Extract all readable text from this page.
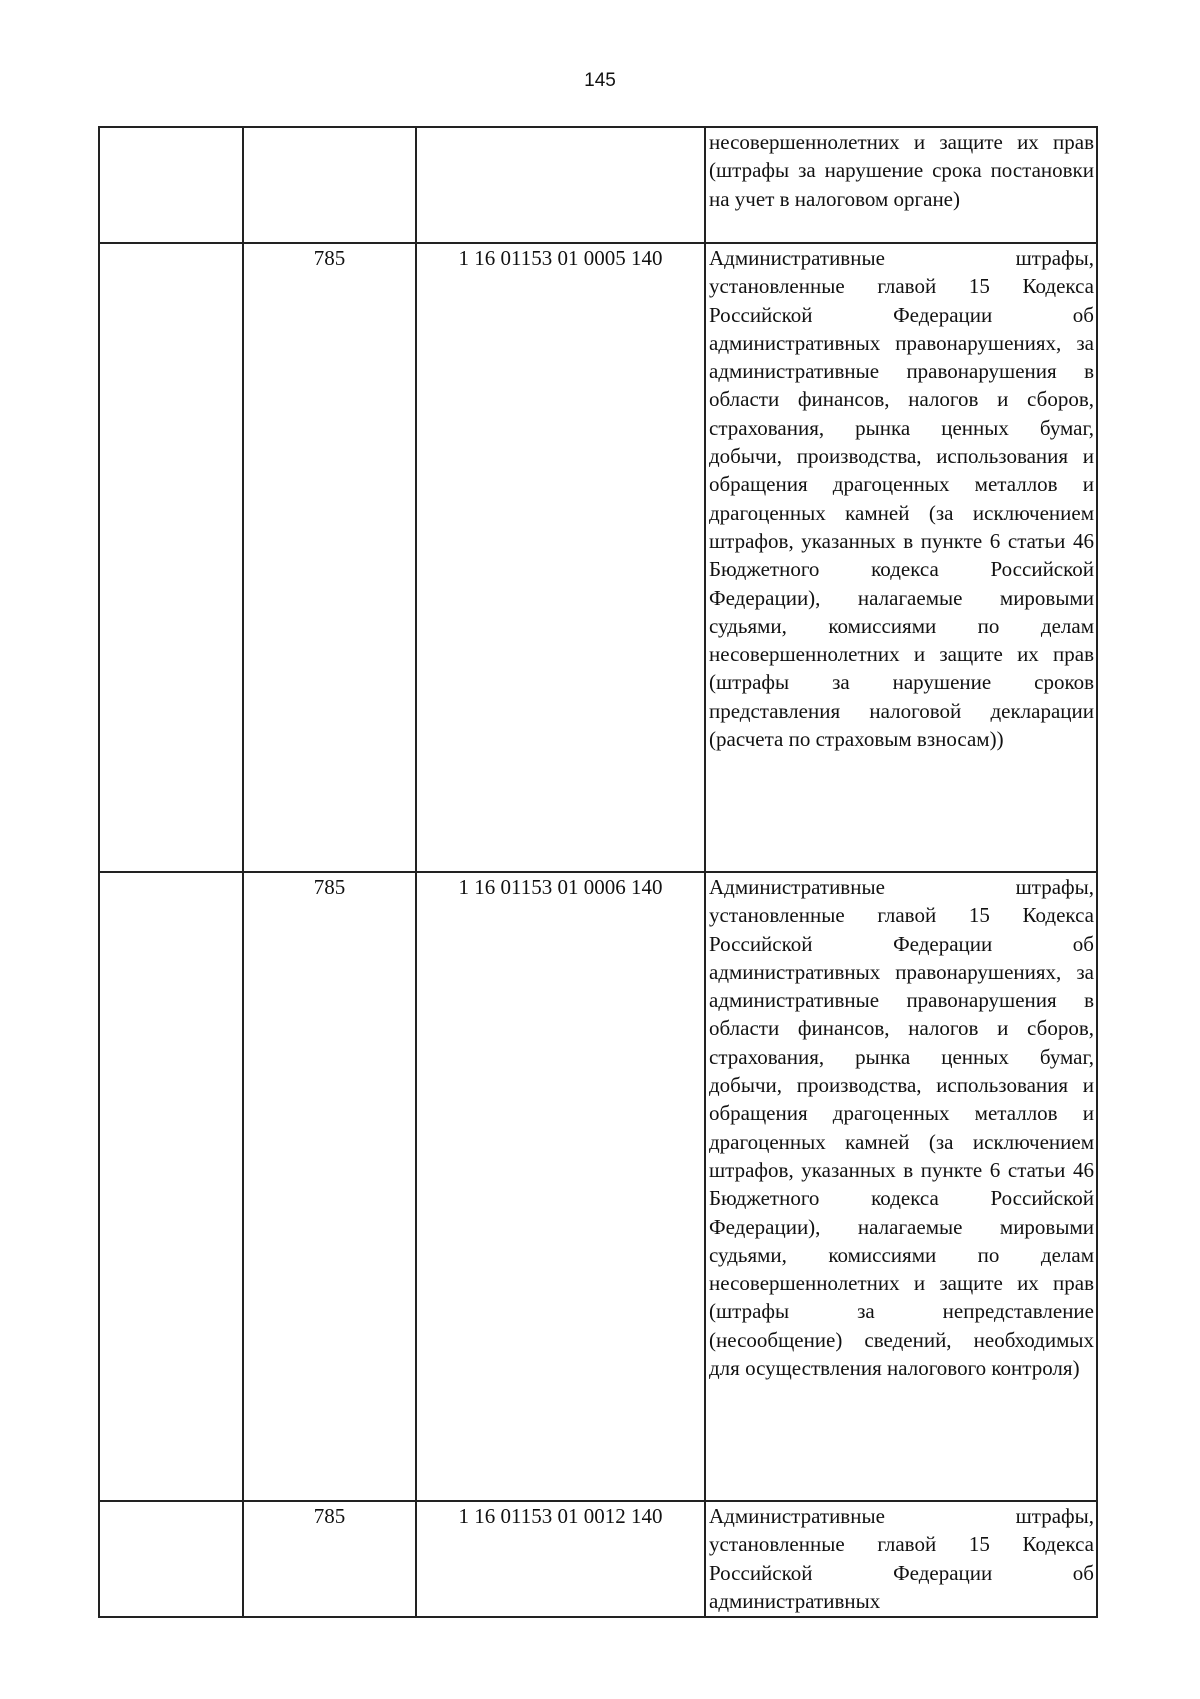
145

			несовершеннолетних и защите их прав (штрафы за нарушение срока постановки на учет в налоговом органе)

	785	1 16 01153 01 0005 140	Административные штрафы, установленные главой 15 Кодекса Российской Федерации об административных правонарушениях, за административные правонарушения в области финансов, налогов и сборов, страхования, рынка ценных бумаг, добычи, производства, использования и обращения драгоценных металлов и драгоценных камней (за исключением штрафов, указанных в пункте 6 статьи 46 Бюджетного кодекса Российской Федерации), налагаемые мировыми судьями, комиссиями по делам несовершеннолетних и защите их прав (штрафы за нарушение сроков представления налоговой декларации (расчета по страховым взносам))

	785	1 16 01153 01 0006 140	Административные штрафы, установленные главой 15 Кодекса Российской Федерации об административных правонарушениях, за административные правонарушения в области финансов, налогов и сборов, страхования, рынка ценных бумаг, добычи, производства, использования и обращения драгоценных металлов и драгоценных камней (за исключением штрафов, указанных в пункте 6 статьи 46 Бюджетного кодекса Российской Федерации), налагаемые мировыми судьями, комиссиями по делам несовершеннолетних и защите их прав (штрафы за непредставление (несообщение) сведений, необходимых для осуществления налогового контроля)

	785	1 16 01153 01 0012 140	Административные штрафы, установленные главой 15 Кодекса Российской Федерации об административных
